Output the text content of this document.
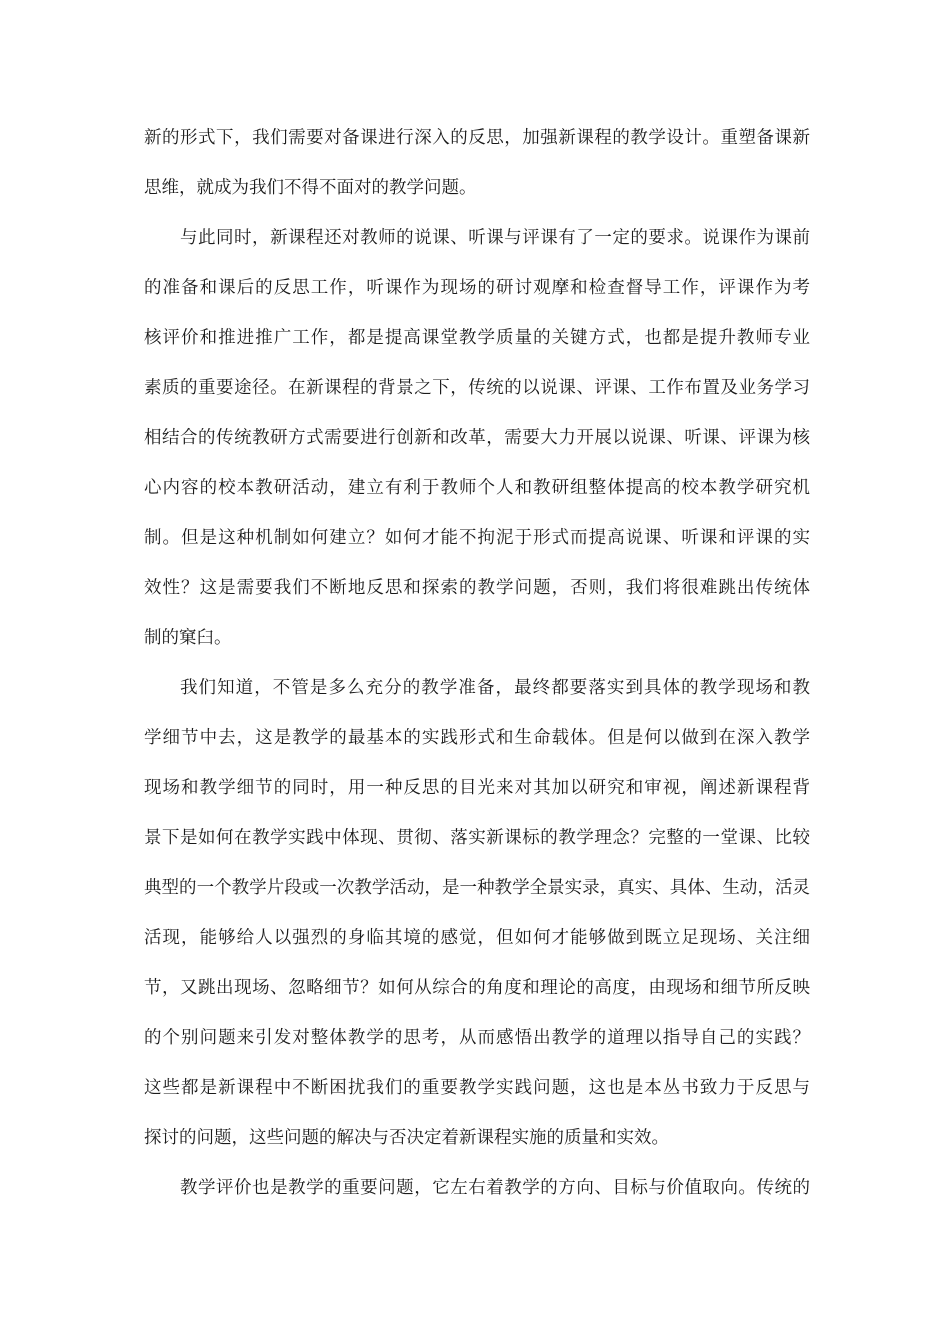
新的形式下，我们需要对备课进行深入的反思，加强新课程的教学设计。重塑备课新
思维，就成为我们不得不面对的教学问题。
与此同时，新课程还对教师的说课、听课与评课有了一定的要求。说课作为课前
的准备和课后的反思工作，听课作为现场的研讨观摩和检查督导工作，评课作为考
核评价和推进推广工作，都是提高课堂教学质量的关键方式，也都是提升教师专业
素质的重要途径。在新课程的背景之下，传统的以说课、评课、工作布置及业务学习
相结合的传统教研方式需要进行创新和改革，需要大力开展以说课、听课、评课为核
心内容的校本教研活动，建立有利于教师个人和教研组整体提高的校本教学研究机
制。但是这种机制如何建立？如何才能不拘泥于形式而提高说课、听课和评课的实
效性？这是需要我们不断地反思和探索的教学问题，否则，我们将很难跳出传统体
制的窠臼。
我们知道，不管是多么充分的教学准备，最终都要落实到具体的教学现场和教
学细节中去，这是教学的最基本的实践形式和生命载体。但是何以做到在深入教学
现场和教学细节的同时，用一种反思的目光来对其加以研究和审视，阐述新课程背
景下是如何在教学实践中体现、贯彻、落实新课标的教学理念？完整的一堂课、比较
典型的一个教学片段或一次教学活动，是一种教学全景实录，真实、具体、生动，活灵
活现，能够给人以强烈的身临其境的感觉，但如何才能够做到既立足现场、关注细
节，又跳出现场、忽略细节？如何从综合的角度和理论的高度，由现场和细节所反映
的个别问题来引发对整体教学的思考，从而感悟出教学的道理以指导自己的实践？
这些都是新课程中不断困扰我们的重要教学实践问题，这也是本丛书致力于反思与
探讨的问题，这些问题的解决与否决定着新课程实施的质量和实效。
教学评价也是教学的重要问题，它左右着教学的方向、目标与价值取向。传统的
